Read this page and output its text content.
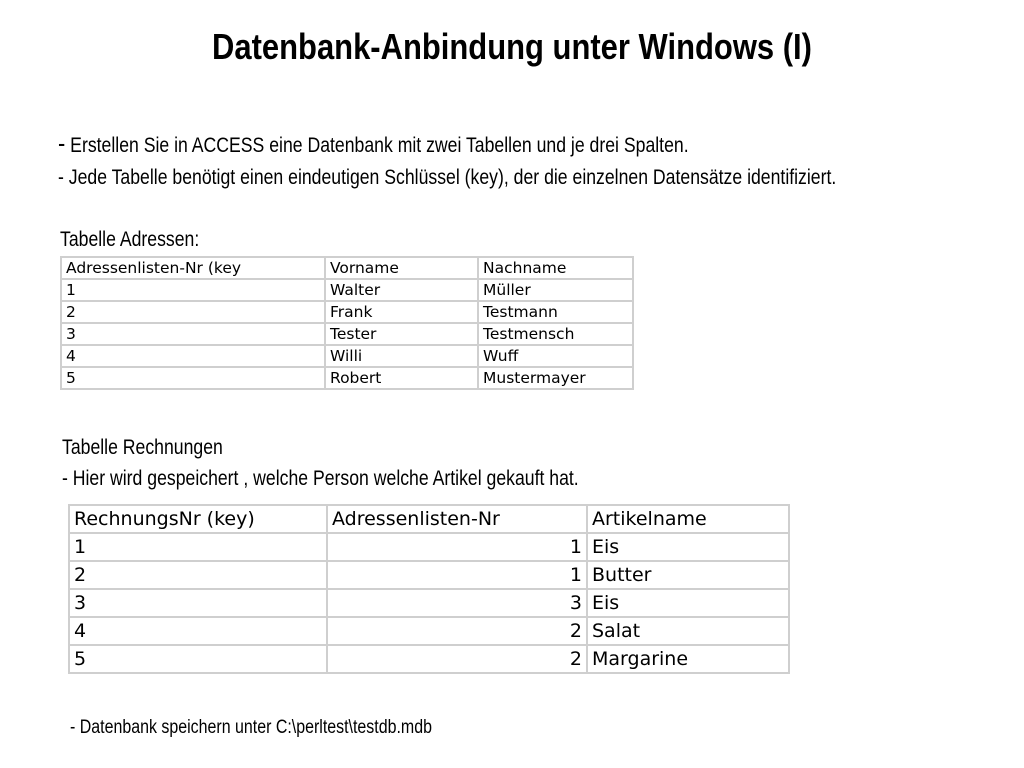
Datenbank-Anbindung unter Windows (I)
- Erstellen Sie in ACCESS eine Datenbank mit zwei Tabellen und je drei Spalten.
- Jede Tabelle benötigt einen eindeutigen Schlüssel (key), der die einzelnen Datensätze identifiziert.
Tabelle Adressen:
Adressenlisten-Nr (key	Vorname	Nachname
1	Walter	Müller
2	Frank	Testmann
3	Tester	Testmensch
4	Willi	Wuff
5	Robert	Mustermayer
Tabelle Rechnungen
- Hier wird gespeichert , welche Person welche Artikel gekauft hat.
RechnungsNr (key)	Adressenlisten-Nr	Artikelname
1	1	Eis
2	1	Butter
3	3	Eis
4	2	Salat
5	2	Margarine
- Datenbank speichern unter C:\perltest\testdb.mdb
